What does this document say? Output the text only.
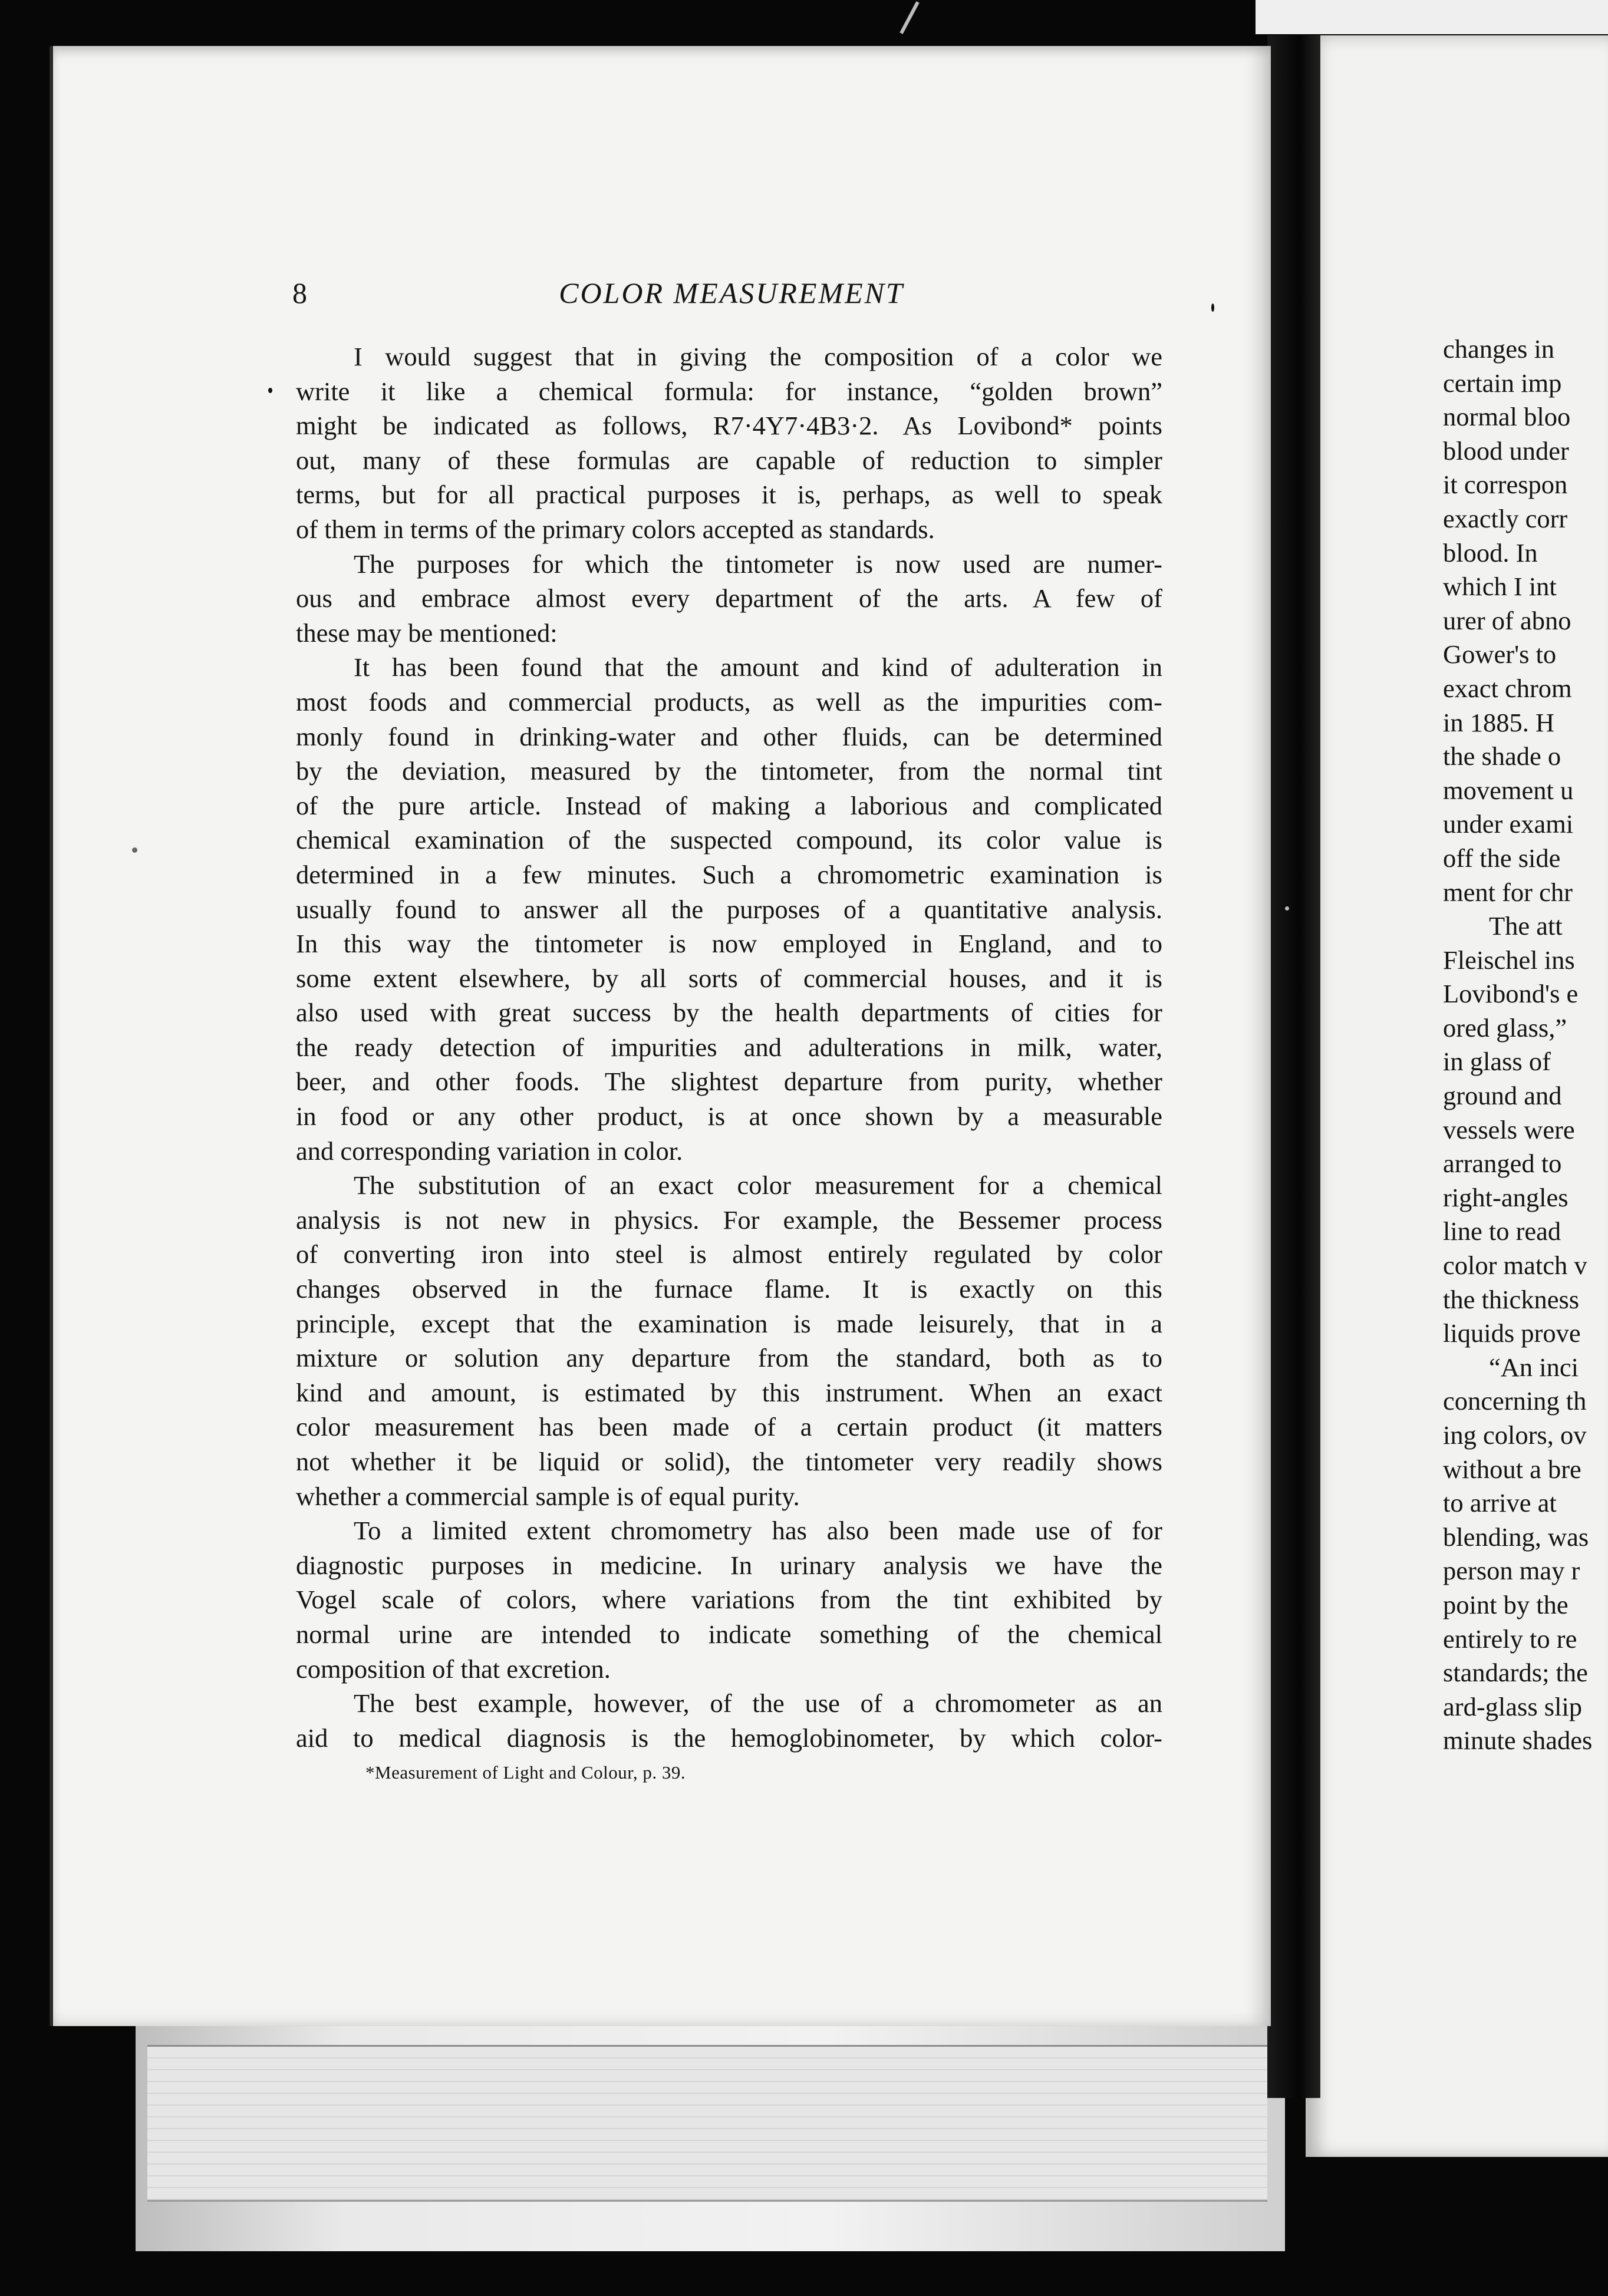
8	COLOR MEASUREMENT
I would suggest that in giving the composition of a color we
write it like a chemical formula: for instance, “golden brown”
might be indicated as follows, R7·4Y7·4B3·2. As Lovibond* points
out, many of these formulas are capable of reduction to simpler
terms, but for all practical purposes it is, perhaps, as well to speak
of them in terms of the primary colors accepted as standards.
The purposes for which the tintometer is now used are numer-
ous and embrace almost every department of the arts. A few of
these may be mentioned:
It has been found that the amount and kind of adulteration in
most foods and commercial products, as well as the impurities com-
monly found in drinking-water and other fluids, can be determined
by the deviation, measured by the tintometer, from the normal tint
of the pure article. Instead of making a laborious and complicated
chemical examination of the suspected compound, its color value is
determined in a few minutes. Such a chromometric examination is
usually found to answer all the purposes of a quantitative analysis.
In this way the tintometer is now employed in England, and to
some extent elsewhere, by all sorts of commercial houses, and it is
also used with great success by the health departments of cities for
the ready detection of impurities and adulterations in milk, water,
beer, and other foods. The slightest departure from purity, whether
in food or any other product, is at once shown by a measurable
and corresponding variation in color.
The substitution of an exact color measurement for a chemical
analysis is not new in physics. For example, the Bessemer process
of converting iron into steel is almost entirely regulated by color
changes observed in the furnace flame. It is exactly on this
principle, except that the examination is made leisurely, that in a
mixture or solution any departure from the standard, both as to
kind and amount, is estimated by this instrument. When an exact
color measurement has been made of a certain product (it matters
not whether it be liquid or solid), the tintometer very readily shows
whether a commercial sample is of equal purity.
To a limited extent chromometry has also been made use of for
diagnostic purposes in medicine. In urinary analysis we have the
Vogel scale of colors, where variations from the tint exhibited by
normal urine are intended to indicate something of the chemical
composition of that excretion.
The best example, however, of the use of a chromometer as an
aid to medical diagnosis is the hemoglobinometer, by which color-
*Measurement of Light and Colour, p. 39.
changes in
certain imp
normal bloo
blood under
it correspon
exactly corr
blood. In
which I int
urer of abno
Gower's to
exact chrom
in 1885. H
the shade o
movement u
under exami
off the side
ment for chr
The att
Fleischel ins
Lovibond's e
ored glass,”
in glass of
ground and
vessels were
arranged to
right-angles
line to read
color match v
the thickness
liquids prove
“An inci
concerning th
ing colors, ov
without a bre
to arrive at
blending, was
person may r
point by the
entirely to re
standards; the
ard-glass slip
minute shades
